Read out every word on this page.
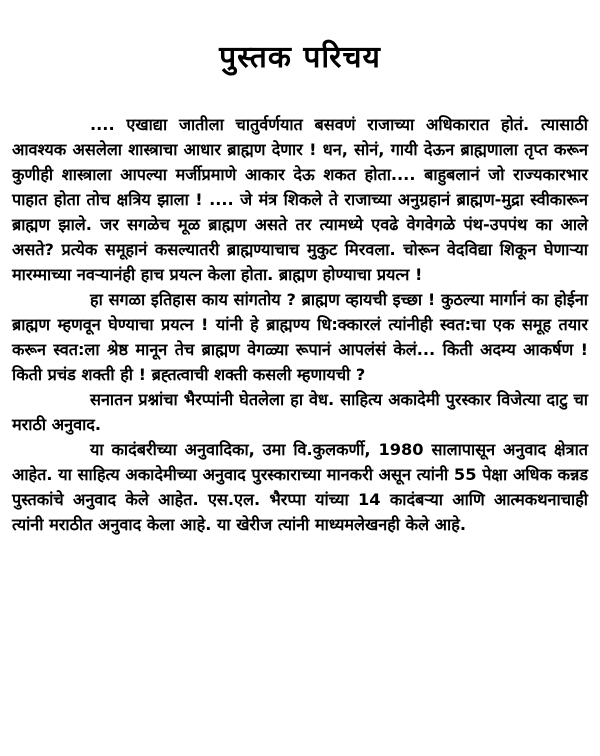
पुस्तक परिचय

.... एखाद्या जातीला चातुर्वर्णयात बसवणं राजाच्या अधिकारात होतं. त्यासाठी आवश्यक असलेला शास्त्राचा आधार ब्राह्मण देणार ! धन, सोनं, गायी देऊन ब्राह्मणाला तृप्त करून कुणीही शास्त्राला आपल्या मर्जीप्रमाणे आकार देऊ शकत होता.... बाहुबलानं जो राज्यकारभार पाहात होता तोच क्षत्रिय झाला ! .... जे मंत्र शिकले ते राजाच्या अनुग्रहानं ब्राह्मण-मुद्रा स्वीकारून ब्राह्मण झाले. जर सगळेच मूळ ब्राह्मण असते तर त्यामध्ये एवढे वेगवेगळे पंथ-उपपंथ का आले असते? प्रत्येक समूहानं कसल्यातरी ब्राह्मण्याचाच मुकुट मिरवला. चोरून वेदविद्या शिकून घेणाऱ्या मारम्माच्या नवऱ्यानंही हाच प्रयत्न केला होता. ब्राह्मण होण्याचा प्रयत्न !

हा सगळा इतिहास काय सांगतोय ? ब्राह्मण व्हायची इच्छा ! कुठल्या मार्गानं का होईना ब्राह्मण म्हणवून घेण्याचा प्रयत्न ! यांनी हे ब्राह्मण्य धि:क्कारलं त्यांनीही स्वत:चा एक समूह तयार करून स्वत:ला श्रेष्ठ मानून तेच ब्राह्मण वेगळ्या रूपानं आपलंसं केलं... किती अदम्य आकर्षण ! किती प्रचंड शक्ती ही ! ब्रह्तत्वाची शक्ती कसली म्हणायची ?

सनातन प्रश्नांचा भैरप्पांनी घेतलेला हा वेध. साहित्य अकादेमी पुरस्कार विजेत्या दाटु चा मराठी अनुवाद.

या कादंबरीच्या अनुवादिका, उमा वि.कुलकर्णी, 1980 सालापासून अनुवाद क्षेत्रात आहेत. या साहित्य अकादेमीच्या अनुवाद पुरस्काराच्या मानकरी असून त्यांनी 55 पेक्षा अधिक कन्नड पुस्तकांचे अनुवाद केले आहेत. एस.एल. भैरप्पा यांच्या 14 कादंबऱ्या आणि आत्मकथनाचाही त्यांनी मराठीत अनुवाद केला आहे. या खेरीज त्यांनी माध्यमलेखनही केले आहे.
